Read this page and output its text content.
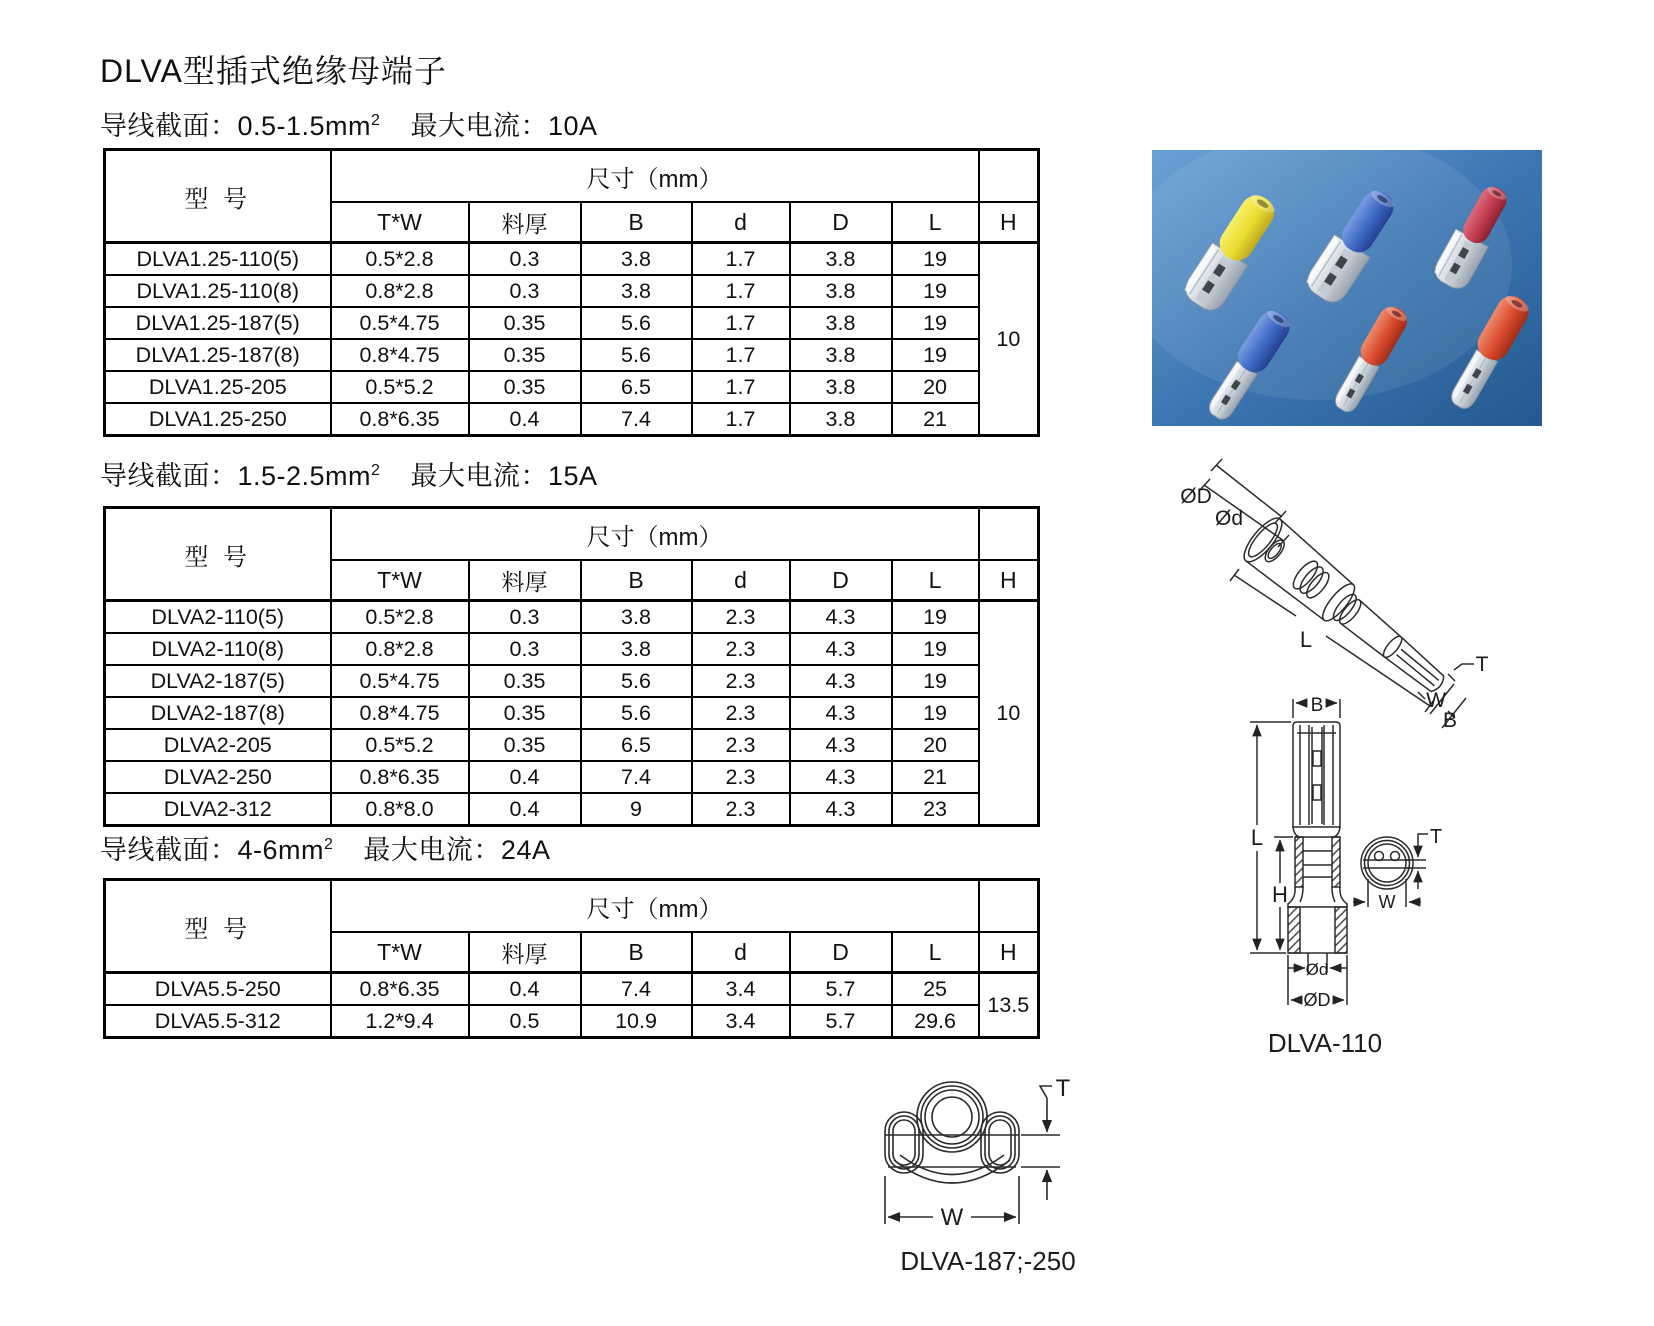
DLVA型插式绝缘母端子
导线截面：$0.5-1.5mm^2$ 最大电流：10A
型 号	尺寸（mm）						
	T*W	料厚	B	d	D	L	H
DLVA1.25-110(5)	0.5*2.8	0.3	3.8	1.7	3.8	19	10
DLVA1.25-110(8)	0.8*2.8	0.3	3.8	1.7	3.8	19	
DLVA1.25-187(5)	0.5*4.75	0.35	5.6	1.7	3.8	19	
DLVA1.25-187(8)	0.8*4.75	0.35	5.6	1.7	3.8	19	
DLVA1.25-205	0.5*5.2	0.35	6.5	1.7	3.8	20	
DLVA1.25-250	0.8*6.35	0.4	7.4	1.7	3.8	21	
导线截面：$1.5-2.5mm^2$ 最大电流：15A
型 号	尺寸（mm）						
	T*W	料厚	B	d	D	L	H
DLVA2-110(5)	0.5*2.8	0.3	3.8	2.3	4.3	19	10
DLVA2-110(8)	0.8*2.8	0.3	3.8	2.3	4.3	19	
DLVA2-187(5)	0.5*4.75	0.35	5.6	2.3	4.3	19	
DLVA2-187(8)	0.8*4.75	0.35	5.6	2.3	4.3	19	
DLVA2-205	0.5*5.2	0.35	6.5	2.3	4.3	20	
DLVA2-250	0.8*6.35	0.4	7.4	2.3	4.3	21	
DLVA2-312	0.8*8.0	0.4	9	2.3	4.3	23	
导线截面：$4-6mm^2$ 最大电流：24A
型 号	尺寸（mm）						
	T*W	料厚	B	d	D	L	H
DLVA5.5-250	0.8*6.35	0.4	7.4	3.4	5.7	25	13.5
DLVA5.5-312	1.2*9.4	0.5	10.9	3.4	5.7	29.6	
ØD
Ød
L
T
W
B
B
L
H
Ød
ØD
T
W
DLVA-110
W
T
DLVA-187;-250
